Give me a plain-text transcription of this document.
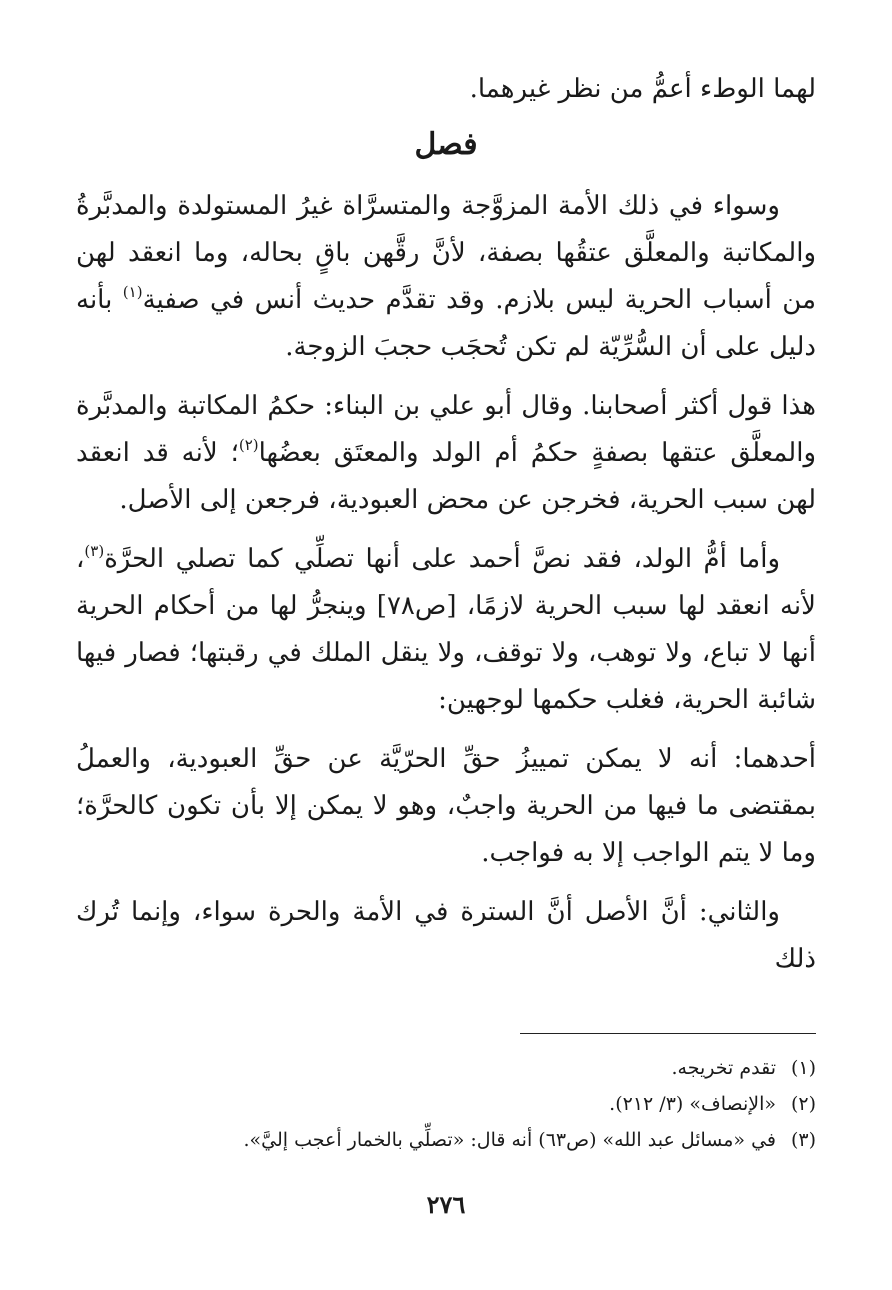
لهما الوطء أعمُّ من نظر غيرهما.

فصل

وسواء في ذلك الأمة المزوَّجة والمتسرَّاة غيرُ المستولدة والمدبَّرةُ والمكاتبة والمعلَّق عتقُها بصفة، لأنَّ رقَّهن باقٍ بحاله، وما انعقد لهن من أسباب الحرية ليس بلازم. وقد تقدَّم حديث أنس في صفية$^{(١)}$ بأنه دليل على أن السُّرِّيّة لم تكن تُحجَب حجبَ الزوجة.

هذا قول أكثر أصحابنا. وقال أبو علي بن البناء: حكمُ المكاتبة والمدبَّرة والمعلَّق عتقها بصفةٍ حكمُ أم الولد والمعتَق بعضُها$^{(٢)}$؛ لأنه قد انعقد لهن سبب الحرية، فخرجن عن محض العبودية، فرجعن إلى الأصل.

وأما أمُّ الولد، فقد نصَّ أحمد على أنها تصلِّي كما تصلي الحرَّة$^{(٣)}$، لأنه انعقد لها سبب الحرية لازمًا، [ص٧٨] وينجرُّ لها من أحكام الحرية أنها لا تباع، ولا توهب، ولا توقف، ولا ينقل الملك في رقبتها؛ فصار فيها شائبة الحرية، فغلب حكمها لوجهين:

أحدهما: أنه لا يمكن تمييزُ حقِّ الحرّيَّة عن حقِّ العبودية، والعملُ بمقتضى ما فيها من الحرية واجبٌ، وهو لا يمكن إلا بأن تكون كالحرَّة؛ وما لا يتم الواجب إلا به فواجب.

والثاني: أنَّ الأصل أنَّ السترة في الأمة والحرة سواء، وإنما تُرك ذلك

(١)تقدم تخريجه.
(٢)«الإنصاف» (٣/ ٢١٢).
(٣)في «مسائل عبد الله» (ص٦٣) أنه قال: «تصلِّي بالخمار أعجب إليَّ».
٢٧٦
